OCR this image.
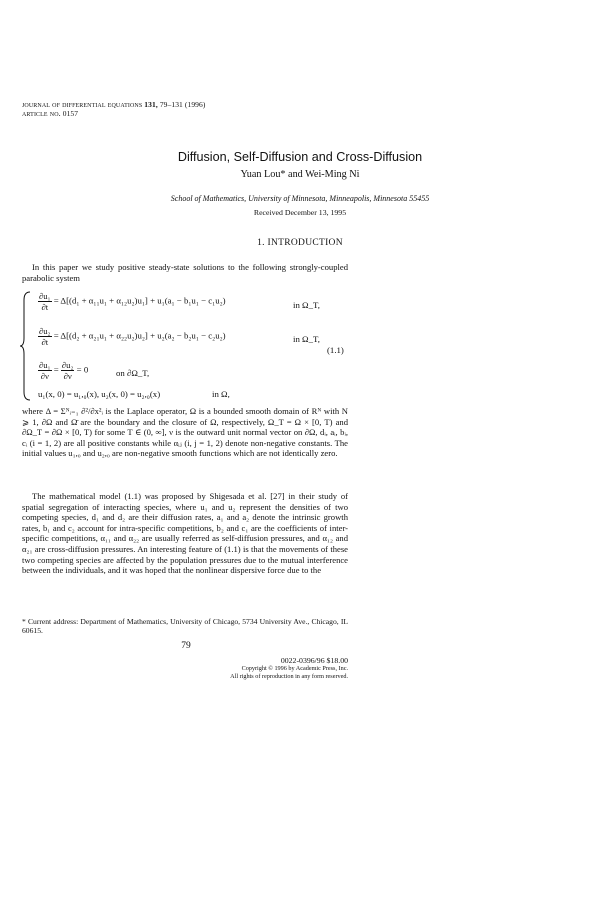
journal of differential equations 131, 79–131 (1996)
article no. 0157
Diffusion, Self-Diffusion and Cross-Diffusion
Yuan Lou* and Wei-Ming Ni
School of Mathematics, University of Minnesota, Minneapolis, Minnesota 55455
Received December 13, 1995
1. INTRODUCTION
In this paper we study positive steady-state solutions to the following strongly-coupled parabolic system
$\frac{\text{∂u₁}}{\partial t} = \Delta[(d_1 + \alpha_{11}u_1 + \alpha_{12}u_2)u_1] + u_1(a_1 - b_1u_1 - c_1u_2)$	in Ω_T,
$\frac{\text{∂u₂}}{\partial t} = \Delta[(d_2 + \alpha_{21}u_1 + \alpha_{22}u_2)u_2] + u_2(a_2 - b_2u_1 - c_2u_2)$	in Ω_T,
(1.1)
$\frac{\text{∂u₁}}{\partial\nu} = \frac{\text{∂u₂}}{\partial\nu} = 0$	on ∂Ω_T,
u₁(x, 0) = u₁,₀(x), u₂(x, 0) = u₂,₀(x)	in Ω,
where Δ = Σᴺᵢ₌₁ ∂²/∂x²ᵢ is the Laplace operator, Ω is a bounded smooth domain of Rᴺ with N ⩾ 1, ∂Ω and Ω̄ are the boundary and the closure of Ω, respectively, Ω_T = Ω × [0, T) and ∂Ω_T = ∂Ω × [0, T) for some T ∈ (0, ∞], ν is the outward unit normal vector on ∂Ω, dᵢ, aᵢ, bᵢ, cᵢ (i = 1, 2) are all positive constants while αᵢⱼ (i, j = 1, 2) denote non-negative constants. The initial values u₁,₀ and u₂,₀ are non-negative smooth functions which are not identically zero.
The mathematical model (1.1) was proposed by Shigesada et al. [27] in their study of spatial segregation of interacting species, where u₁ and u₂ represent the densities of two competing species, d₁ and d₂ are their diffusion rates, a₁ and a₂ denote the intrinsic growth rates, b₁ and c₂ account for intra-specific competitions, b₂ and c₁ are the coefficients of inter-specific competitions, α₁₁ and α₂₂ are usually referred as self-diffusion pressures, and α₁₂ and α₂₁ are cross-diffusion pressures. An interesting feature of (1.1) is that the movements of these two competing species are affected by the population pressures due to the mutual interference between the individuals, and it was hoped that the nonlinear dispersive force due to the
* Current address: Department of Mathematics, University of Chicago, 5734 University Ave., Chicago, IL 60615.
79
0022-0396/96 $18.00
Copyright © 1996 by Academic Press, Inc.
All rights of reproduction in any form reserved.
